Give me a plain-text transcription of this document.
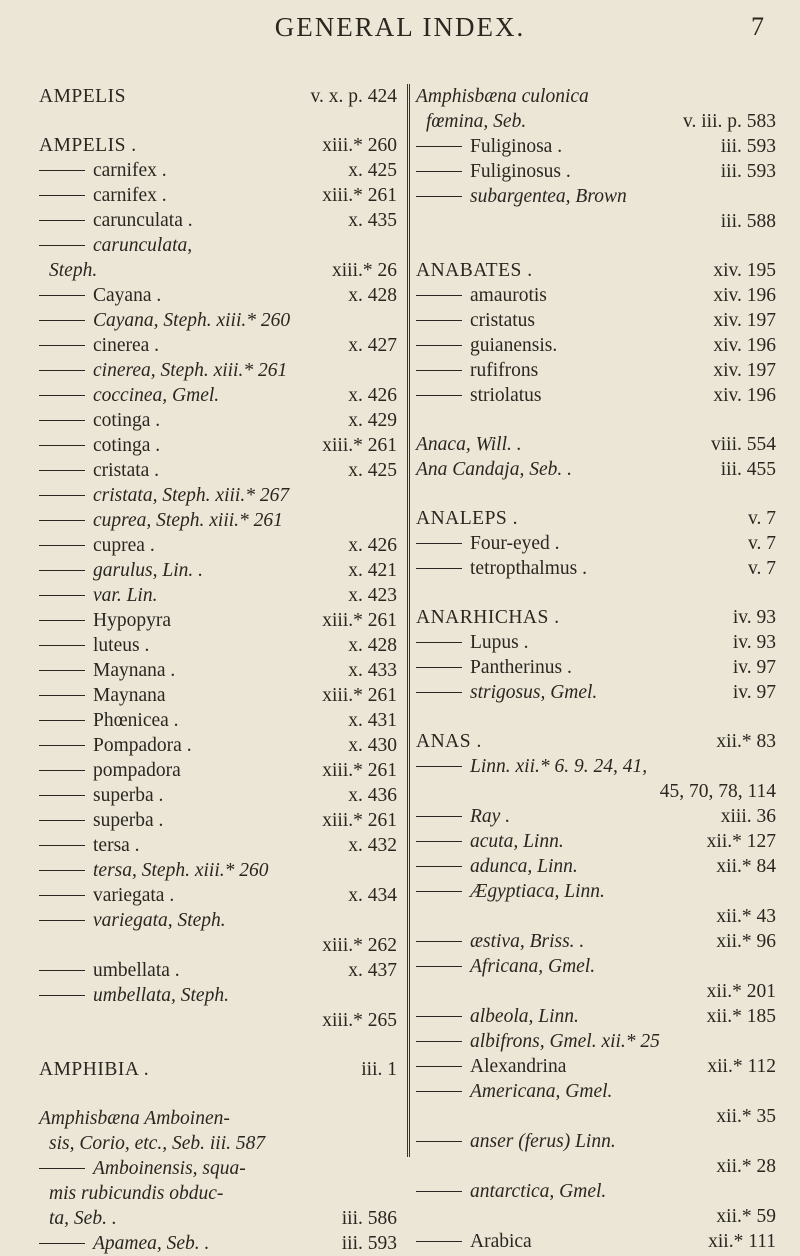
GENERAL INDEX.	7
AMPELIS	v. x. p. 424
AMPELIS .	xiii.* 260
carnifex .	x. 425
carnifex .	xiii.* 261
carunculata .	x. 435
carunculata,
Steph.	xiii.* 26
Cayana .	x. 428
Cayana, Steph. xiii.* 260
cinerea .	x. 427
cinerea, Steph. xiii.* 261
coccinea, Gmel.	x. 426
cotinga .	x. 429
cotinga .	xiii.* 261
cristata .	x. 425
cristata, Steph. xiii.* 267
cuprea, Steph. xiii.* 261
cuprea .	x. 426
garulus, Lin. .	x. 421
var. Lin.	x. 423
Hypopyra	xiii.* 261
luteus .	x. 428
Maynana .	x. 433
Maynana	xiii.* 261
Phœnicea .	x. 431
Pompadora .	x. 430
pompadora	xiii.* 261
superba .	x. 436
superba .	xiii.* 261
tersa .	x. 432
tersa, Steph. xiii.* 260
variegata .	x. 434
variegata, Steph.
xiii.* 262
umbellata .	x. 437
umbellata, Steph.
xiii.* 265
AMPHIBIA .	iii. 1
Amphisbæna Amboinen-
sis, Corio, etc., Seb. iii. 587
Amboinensis, squa-
mis rubicundis obduc-
ta, Seb. .	iii. 586
Apamea, Seb. .	iii. 593
Amphisbæna culonica
fœmina, Seb.	v. iii. p. 583
Fuliginosa .	iii. 593
Fuliginosus .	iii. 593
subargentea, Brown
iii. 588
ANABATES .	xiv. 195
amaurotis	xiv. 196
cristatus	xiv. 197
guianensis.	xiv. 196
rufifrons	xiv. 197
striolatus	xiv. 196
Anaca, Will. .	viii. 554
Ana Candaja, Seb. .	iii. 455
ANALEPS .	v. 7
Four-eyed .	v. 7
tetropthalmus .	v. 7
ANARHICHAS .	iv. 93
Lupus .	iv. 93
Pantherinus .	iv. 97
strigosus, Gmel.	iv. 97
ANAS .	xii.* 83
Linn. xii.* 6. 9. 24, 41,
45, 70, 78, 114
Ray .	xiii. 36
acuta, Linn.	xii.* 127
adunca, Linn.	xii.* 84
Ægyptiaca, Linn.
xii.* 43
æstiva, Briss. .	xii.* 96
Africana, Gmel.
xii.* 201
albeola, Linn.	xii.* 185
albifrons, Gmel. xii.* 25
Alexandrina	xii.* 112
Americana, Gmel.
xii.* 35
anser (ferus) Linn.
xii.* 28
antarctica, Gmel.
xii.* 59
Arabica	xii.* 111
